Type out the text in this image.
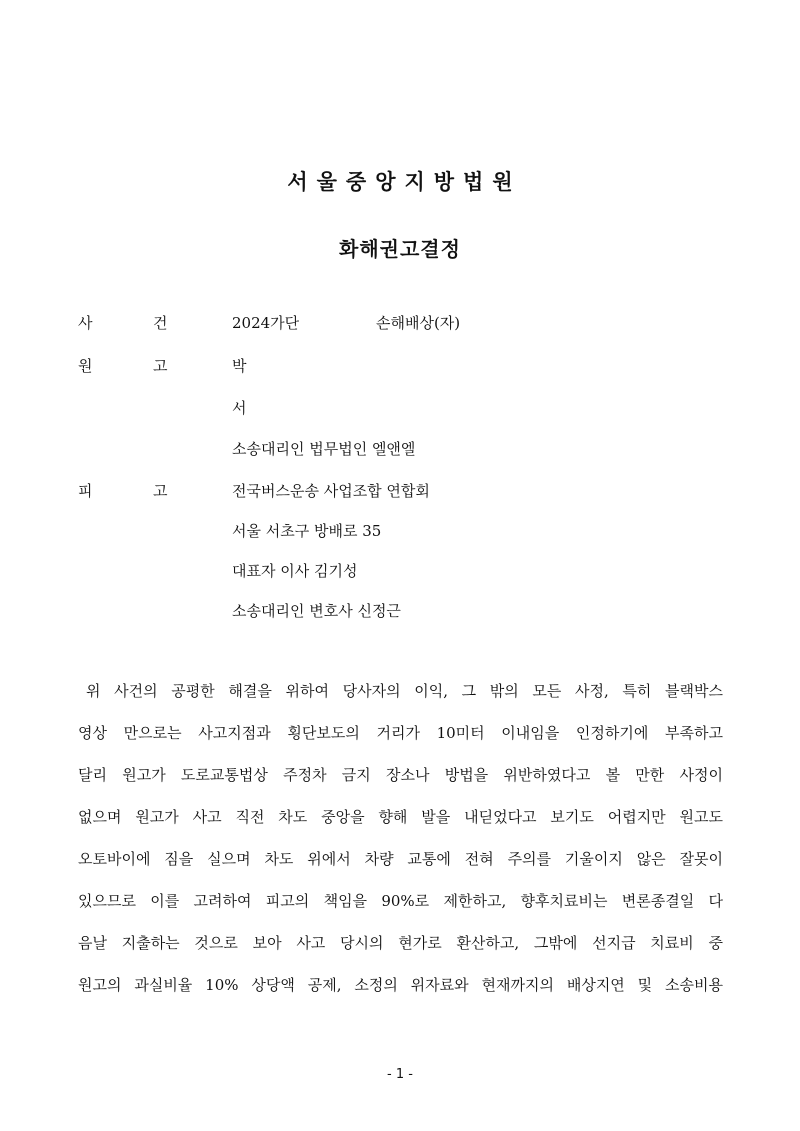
서울중앙지방법원
화해권고결정
사	건	2024가단	손해배상(자)
원	고	박
서
소송대리인 법무법인 엘앤엘
피	고	전국버스운송 사업조합 연합회
서울 서초구 방배로 35
대표자 이사 김기성
소송대리인 변호사 신정근
위 사건의 공평한 해결을 위하여 당사자의 이익, 그 밖의 모든 사정, 특히 블랙박스
영상 만으로는 사고지점과 횡단보도의 거리가 10미터 이내임을 인정하기에 부족하고
달리 원고가 도로교통법상 주정차 금지 장소나 방법을 위반하였다고 볼 만한 사정이
없으며 원고가 사고 직전 차도 중앙을 향해 발을 내딛었다고 보기도 어렵지만 원고도
오토바이에 짐을 실으며 차도 위에서 차량 교통에 전혀 주의를 기울이지 않은 잘못이
있으므로 이를 고려하여 피고의 책임을 90%로 제한하고, 향후치료비는 변론종결일 다
음날 지출하는 것으로 보아 사고 당시의 현가로 환산하고, 그밖에 선지급 치료비 중
원고의 과실비율 10% 상당액 공제, 소정의 위자료와 현재까지의 배상지연 및 소송비용
- 1 -
